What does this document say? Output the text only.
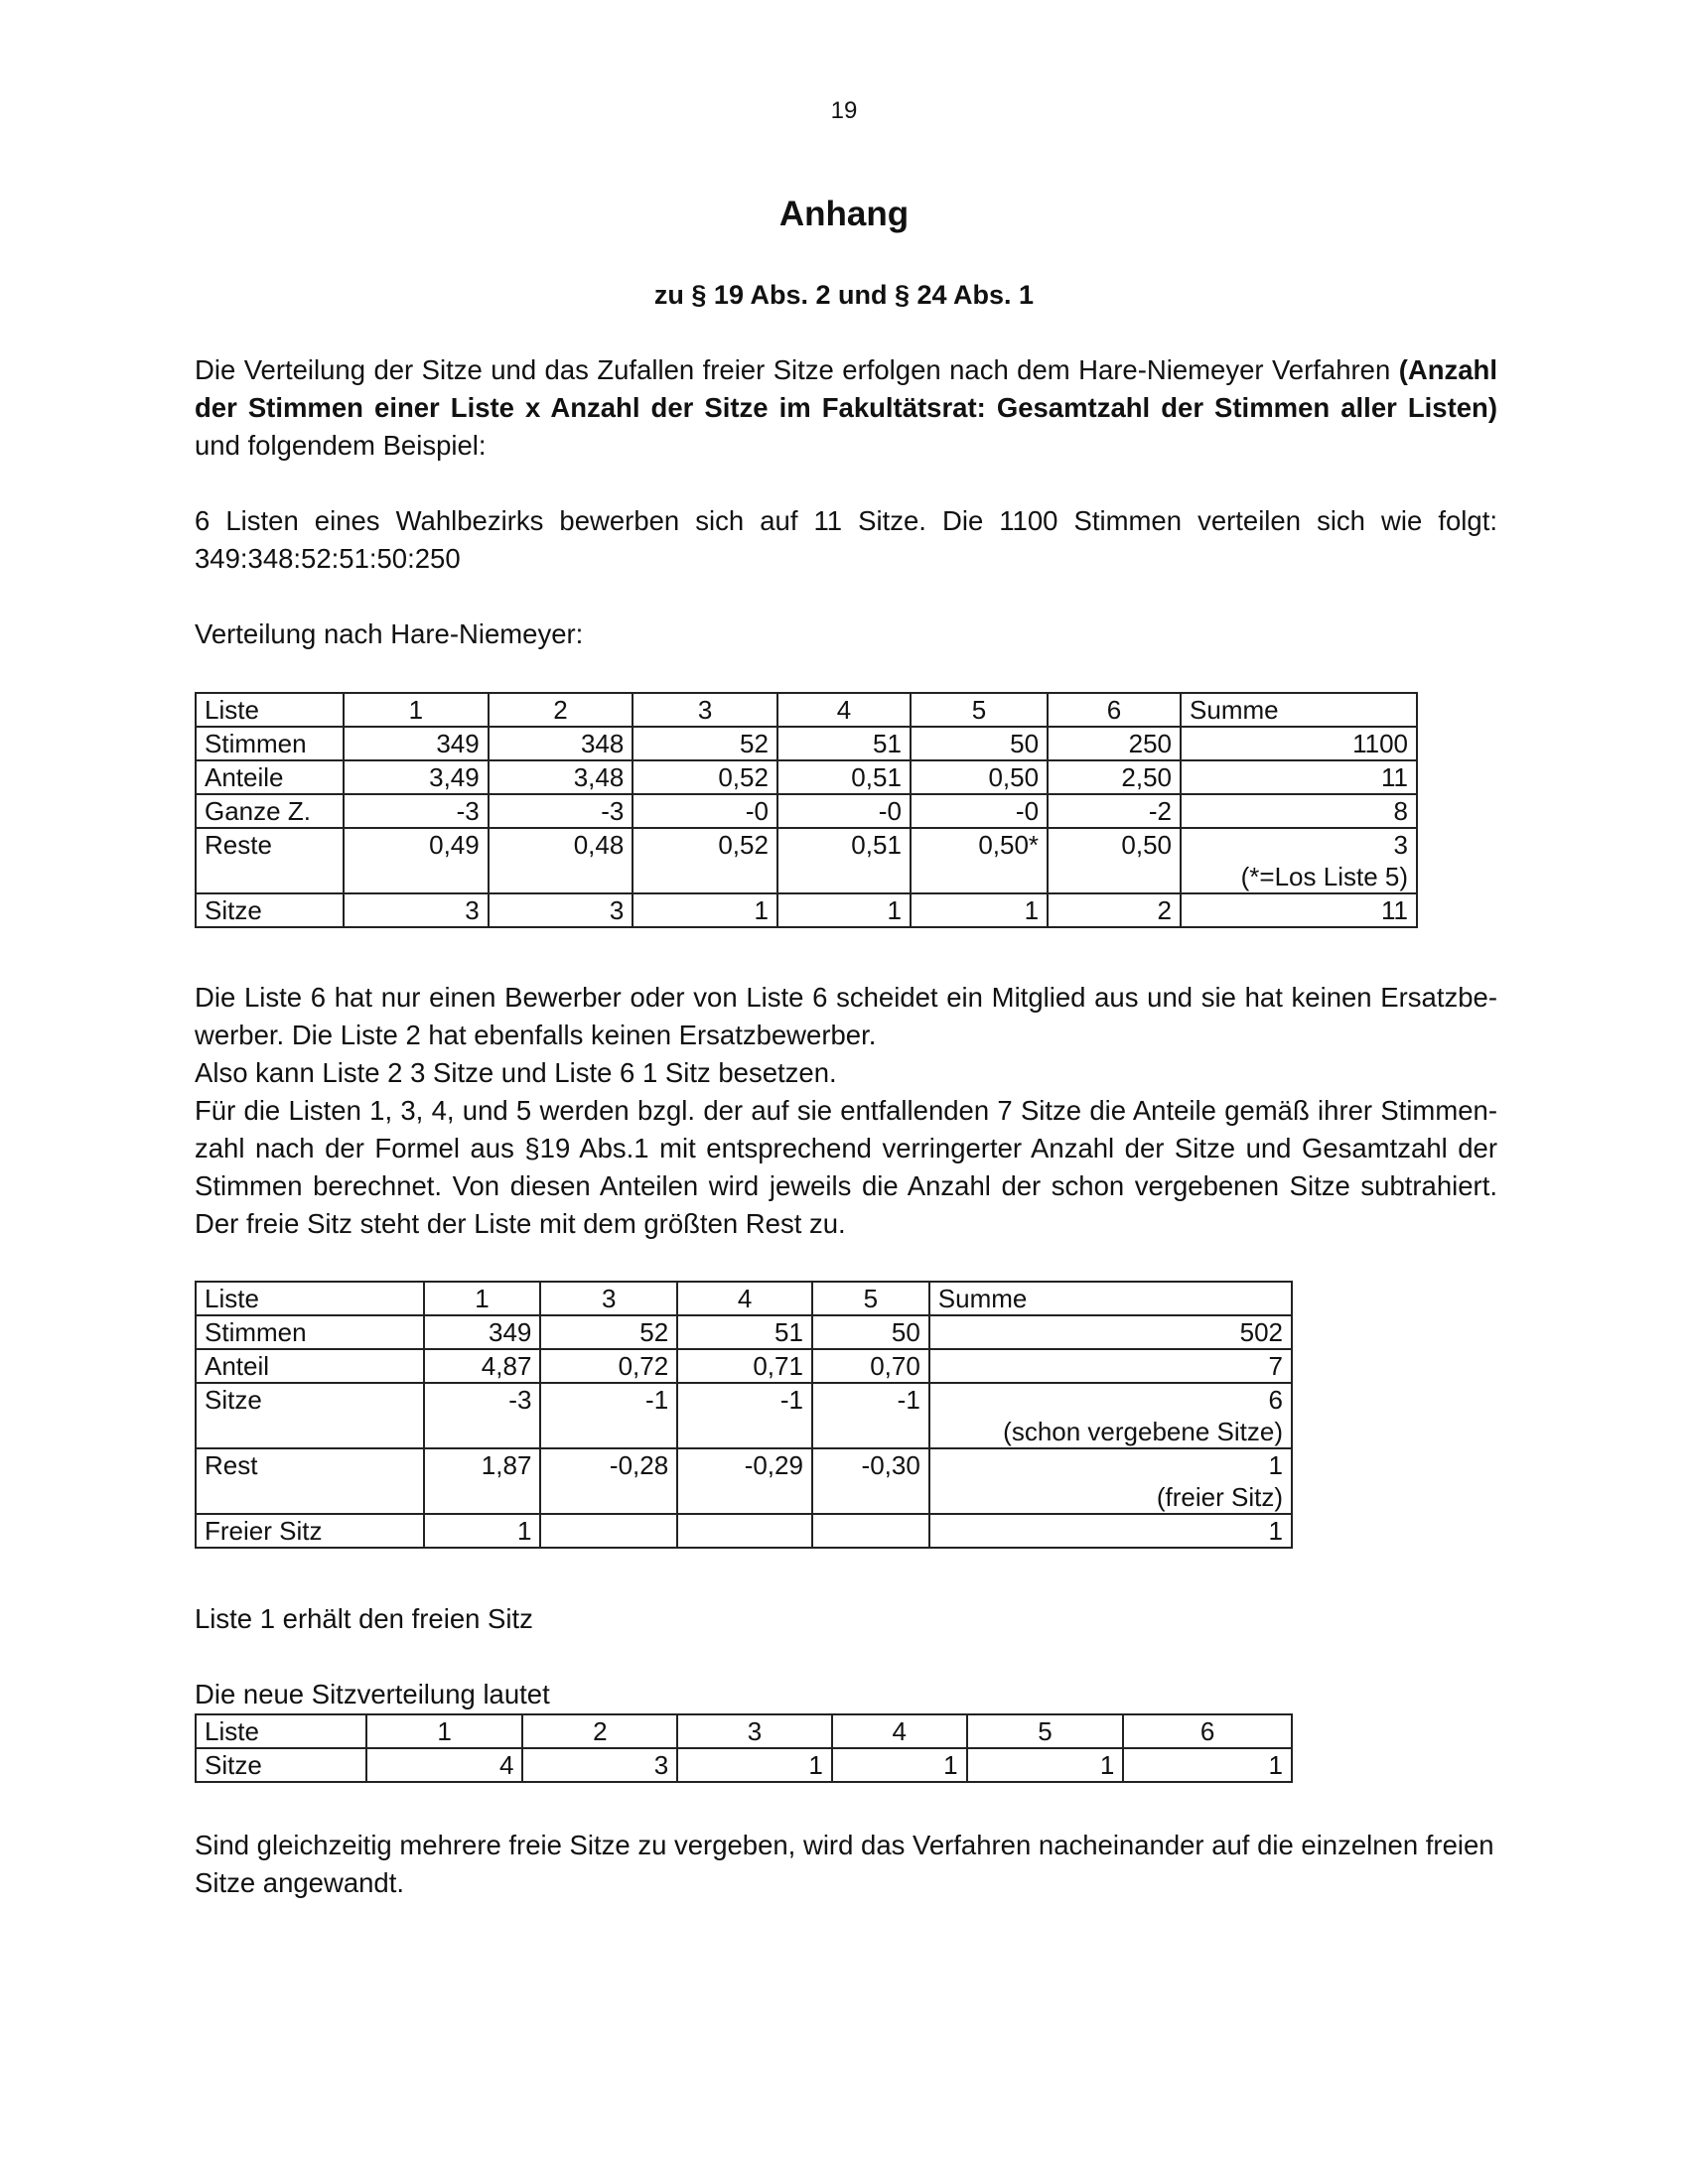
19
Anhang
zu § 19 Abs. 2 und § 24 Abs. 1
Die Verteilung der Sitze und das Zufallen freier Sitze erfolgen nach dem Hare-Niemeyer Verfahren (Anzahl der Stimmen einer Liste x Anzahl der Sitze im Fakultätsrat: Gesamtzahl der Stimmen aller Listen) und folgendem Beispiel:
6 Listen eines Wahlbezirks bewerben sich auf 11 Sitze. Die 1100 Stimmen verteilen sich wie folgt:
349:348:52:51:50:250
Verteilung nach Hare-Niemeyer:
Liste	1	2	3	4	5	6	Summe
Stimmen	349	348	52	51	50	250	1100
Anteile	3,49	3,48	0,52	0,51	0,50	2,50	11
Ganze Z.	-3	-3	-0	-0	-0	-2	8
Reste	0,49	0,48	0,52	0,51	0,50*	0,50	3
(*=Los Liste 5)

Sitze	3	3	1	1	1	2	11
Die Liste 6 hat nur einen Bewerber oder von Liste 6 scheidet ein Mitglied aus und sie hat keinen Ersatzbe-
werber. Die Liste 2 hat ebenfalls keinen Ersatzbewerber.
Also kann Liste 2 3 Sitze und Liste 6 1 Sitz besetzen.
Für die Listen 1, 3, 4, und 5 werden bzgl. der auf sie entfallenden 7 Sitze die Anteile gemäß ihrer Stimmen-
zahl nach der Formel aus §19 Abs.1 mit entsprechend verringerter Anzahl der Sitze und Gesamtzahl der
Stimmen berechnet. Von diesen Anteilen wird jeweils die Anzahl der schon vergebenen Sitze subtrahiert.
Der freie Sitz steht der Liste mit dem größten Rest zu.
Liste	1	3	4	5	Summe
Stimmen	349	52	51	50	502
Anteil	4,87	0,72	0,71	0,70	7
Sitze	-3	-1	-1	-1	6
(schon vergebene Sitze)

Rest	1,87	-0,28	-0,29	-0,30	1
(freier Sitz)

Freier Sitz	1				1
Liste 1 erhält den freien Sitz
Die neue Sitzverteilung lautet
Liste	1	2	3	4	5	6
Sitze	4	3	1	1	1	1
Sind gleichzeitig mehrere freie Sitze zu vergeben, wird das Verfahren nacheinander auf die einzelnen freien
Sitze angewandt.
